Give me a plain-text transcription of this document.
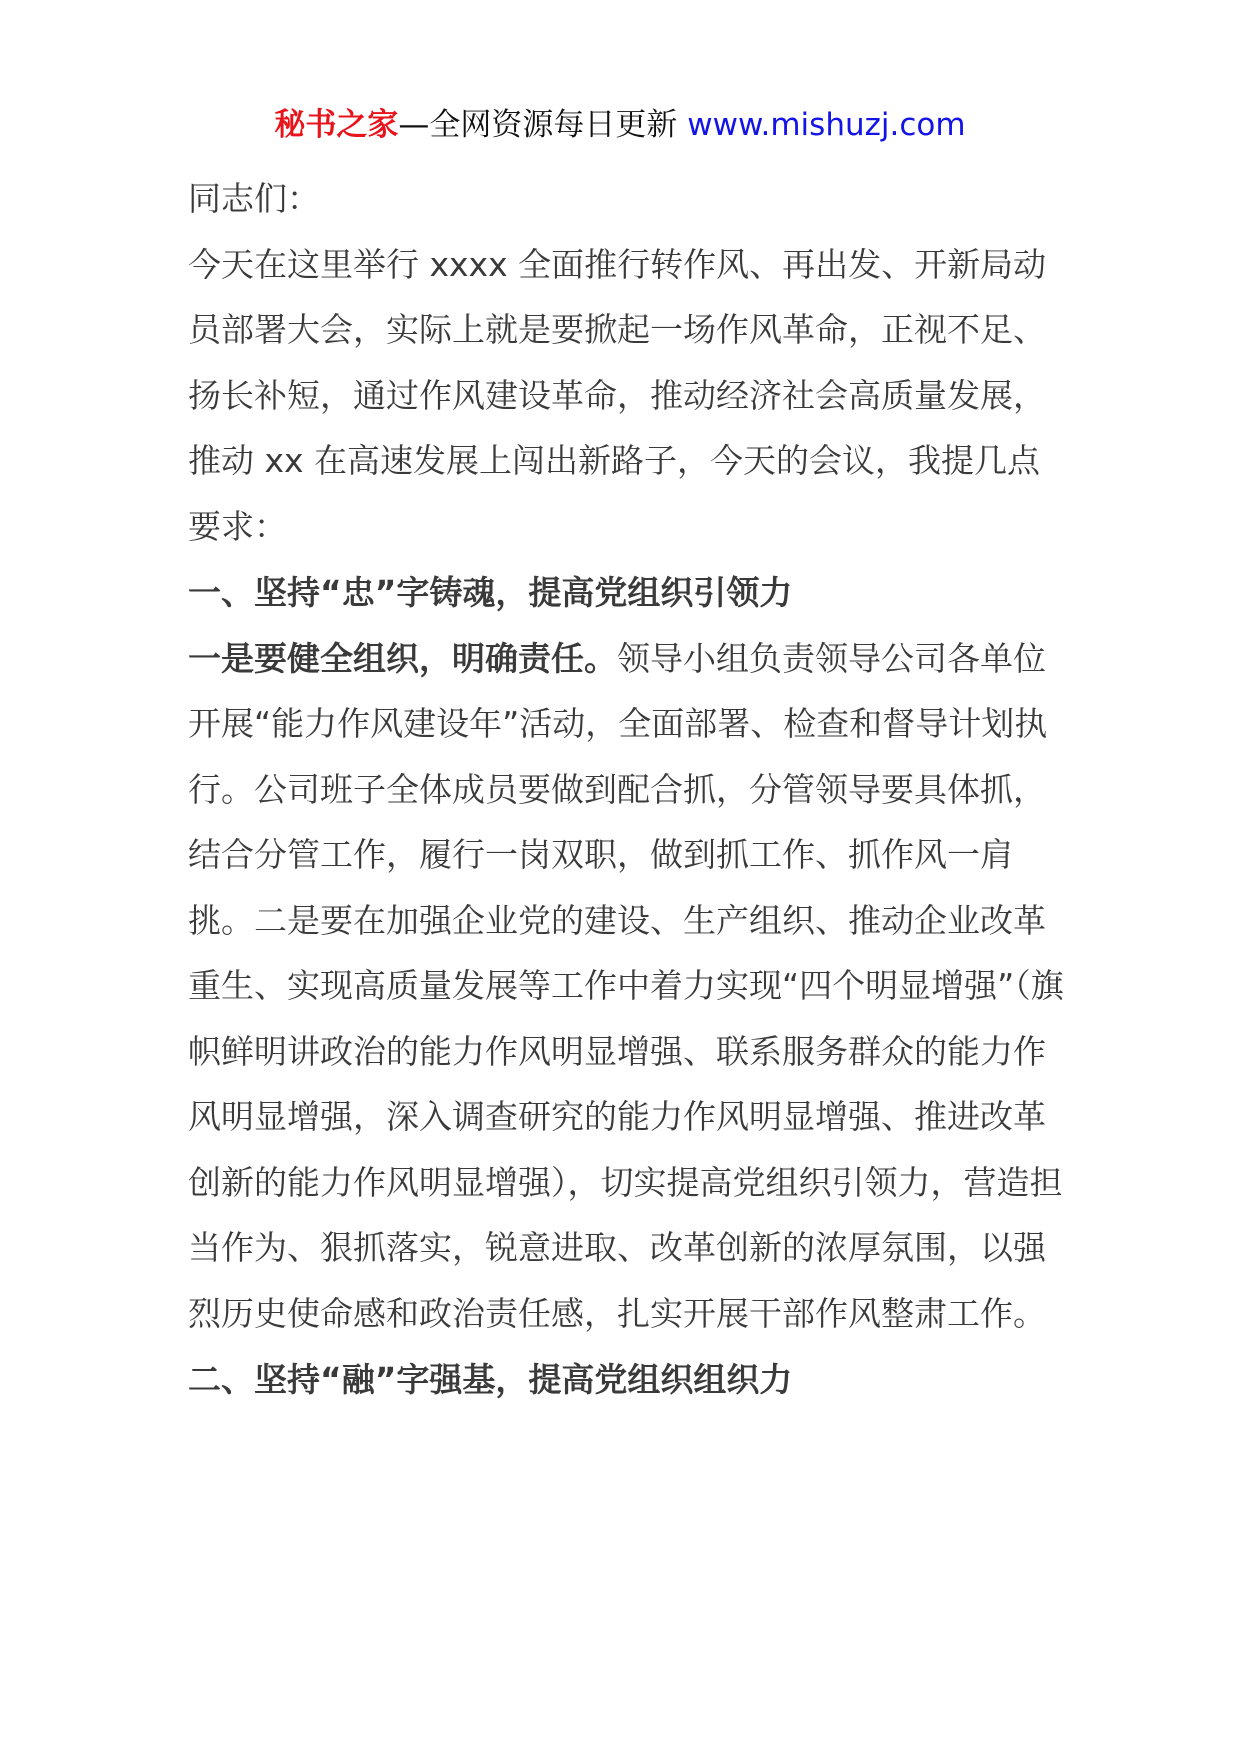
秘书之家—全网资源每日更新 www.mishuzj.com

同志们：

今天在这里举行 xxxx 全面推行转作风、再出发、开新局动员部署大会，实际上就是要掀起一场作风革命，正视不足、扬长补短，通过作风建设革命，推动经济社会高质量发展，推动 xx 在高速发展上闯出新路子，今天的会议，我提几点要求：

一、坚持“忠”字铸魂，提高党组织引领力

一是要健全组织，明确责任。领导小组负责领导公司各单位开展“能力作风建设年”活动，全面部署、检查和督导计划执行。公司班子全体成员要做到配合抓，分管领导要具体抓，结合分管工作，履行一岗双职，做到抓工作、抓作风一肩挑。二是要在加强企业党的建设、生产组织、推动企业改革重生、实现高质量发展等工作中着力实现“四个明显增强”（旗帜鲜明讲政治的能力作风明显增强、联系服务群众的能力作风明显增强，深入调查研究的能力作风明显增强、推进改革创新的能力作风明显增强），切实提高党组织引领力，营造担当作为、狠抓落实，锐意进取、改革创新的浓厚氛围，以强烈历史使命感和政治责任感，扎实开展干部作风整肃工作。

二、坚持“融”字强基，提高党组织组织力
